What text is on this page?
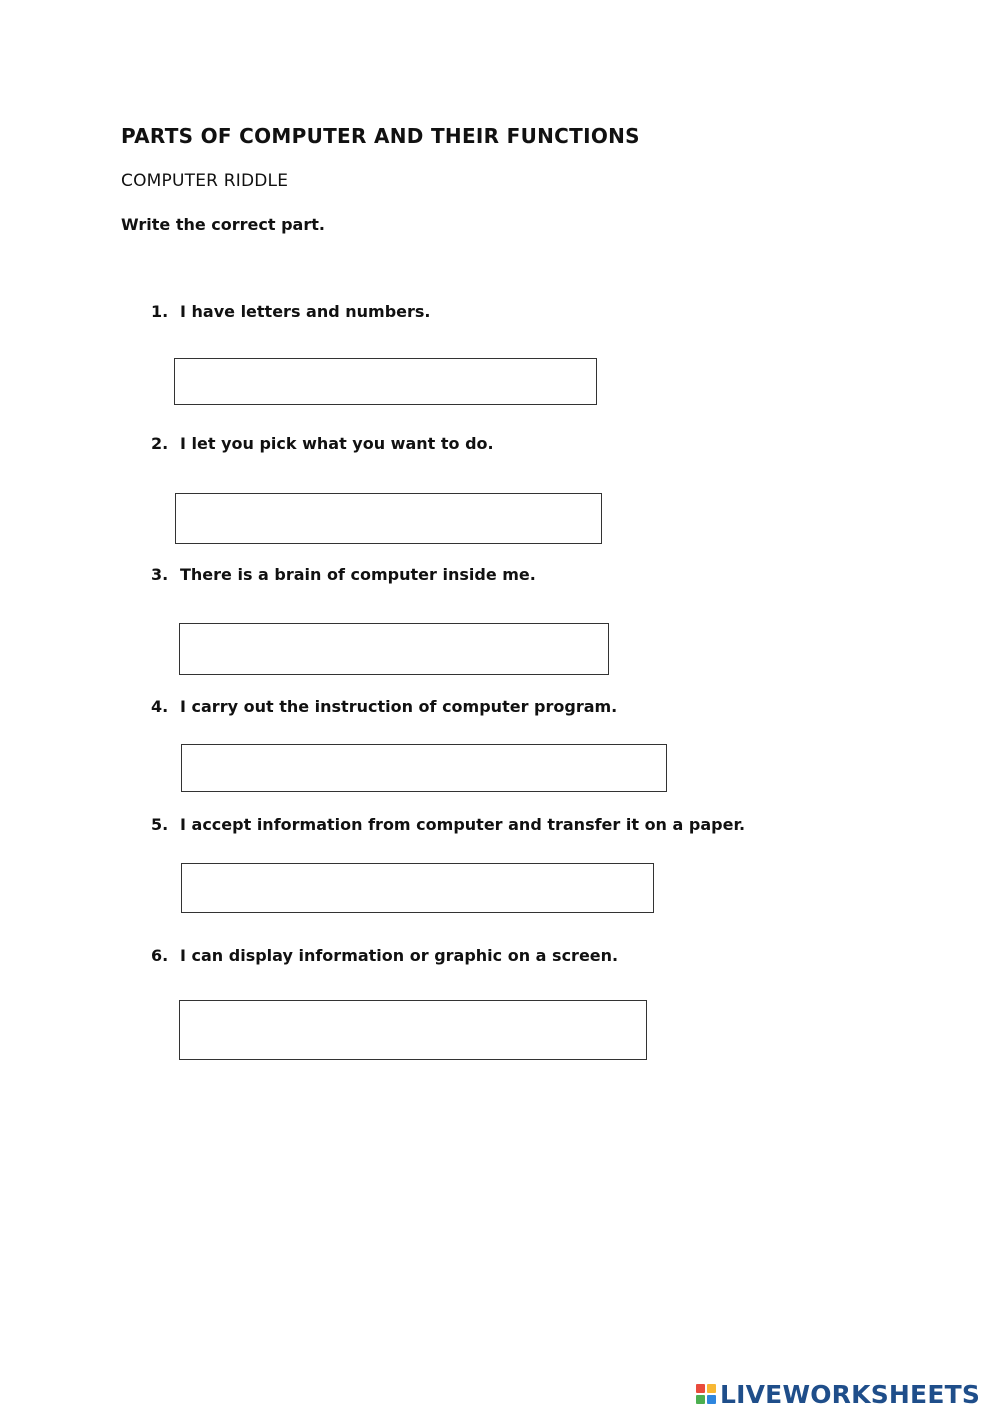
PARTS OF COMPUTER AND THEIR FUNCTIONS
COMPUTER RIDDLE
Write the correct part.
1. I have letters and numbers.
2. I let you pick what you want to do.
3. There is a brain of computer inside me.
4. I carry out the instruction of computer program.
5. I accept information from computer and transfer it on a paper.
6. I can display information or graphic on a screen.
LIVEWORKSHEETS
